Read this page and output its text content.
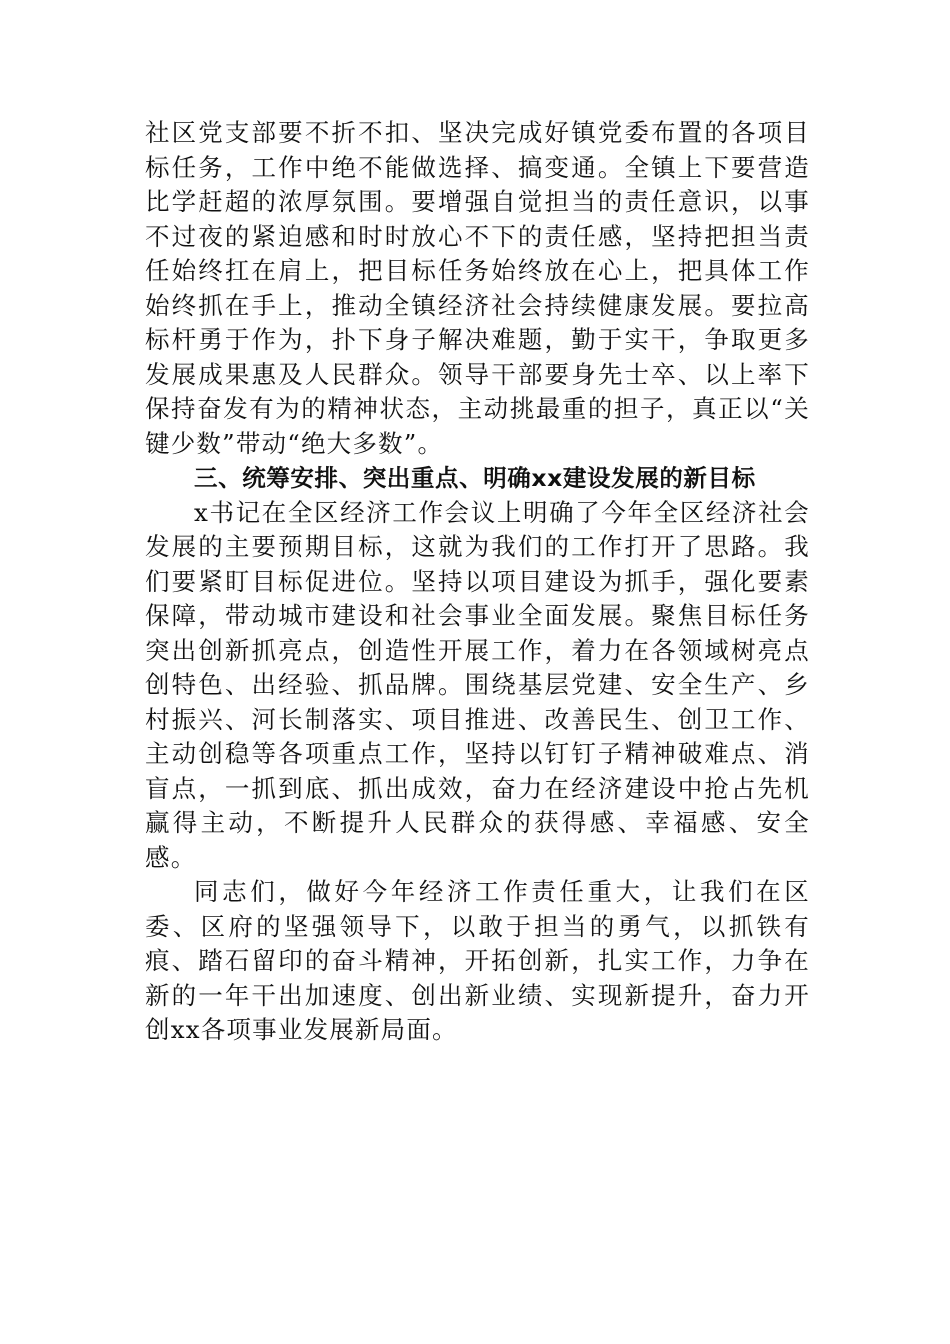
社区党支部要不折不扣、坚决完成好镇党委布置的各项目标任务，工作中绝不能做选择、搞变通。全镇上下要营造比学赶超的浓厚氛围。要增强自觉担当的责任意识，以事不过夜的紧迫感和时时放心不下的责任感，坚持把担当责任始终扛在肩上，把目标任务始终放在心上，把具体工作始终抓在手上，推动全镇经济社会持续健康发展。要拉高标杆勇于作为，扑下身子解决难题，勤于实干，争取更多发展成果惠及人民群众。领导干部要身先士卒、以上率下保持奋发有为的精神状态，主动挑最重的担子，真正以“关键少数”带动“绝大多数”。

三、统筹安排、突出重点、明确xx建设发展的新目标

x书记在全区经济工作会议上明确了今年全区经济社会发展的主要预期目标，这就为我们的工作打开了思路。我们要紧盯目标促进位。坚持以项目建设为抓手，强化要素保障，带动城市建设和社会事业全面发展。聚焦目标任务突出创新抓亮点，创造性开展工作，着力在各领域树亮点创特色、出经验、抓品牌。围绕基层党建、安全生产、乡村振兴、河长制落实、项目推进、改善民生、创卫工作、主动创稳等各项重点工作，坚持以钉钉子精神破难点、消盲点，一抓到底、抓出成效，奋力在经济建设中抢占先机赢得主动，不断提升人民群众的获得感、幸福感、安全感。

同志们，做好今年经济工作责任重大，让我们在区委、区府的坚强领导下，以敢于担当的勇气，以抓铁有痕、踏石留印的奋斗精神，开拓创新，扎实工作，力争在新的一年干出加速度、创出新业绩、实现新提升，奋力开创xx各项事业发展新局面。
